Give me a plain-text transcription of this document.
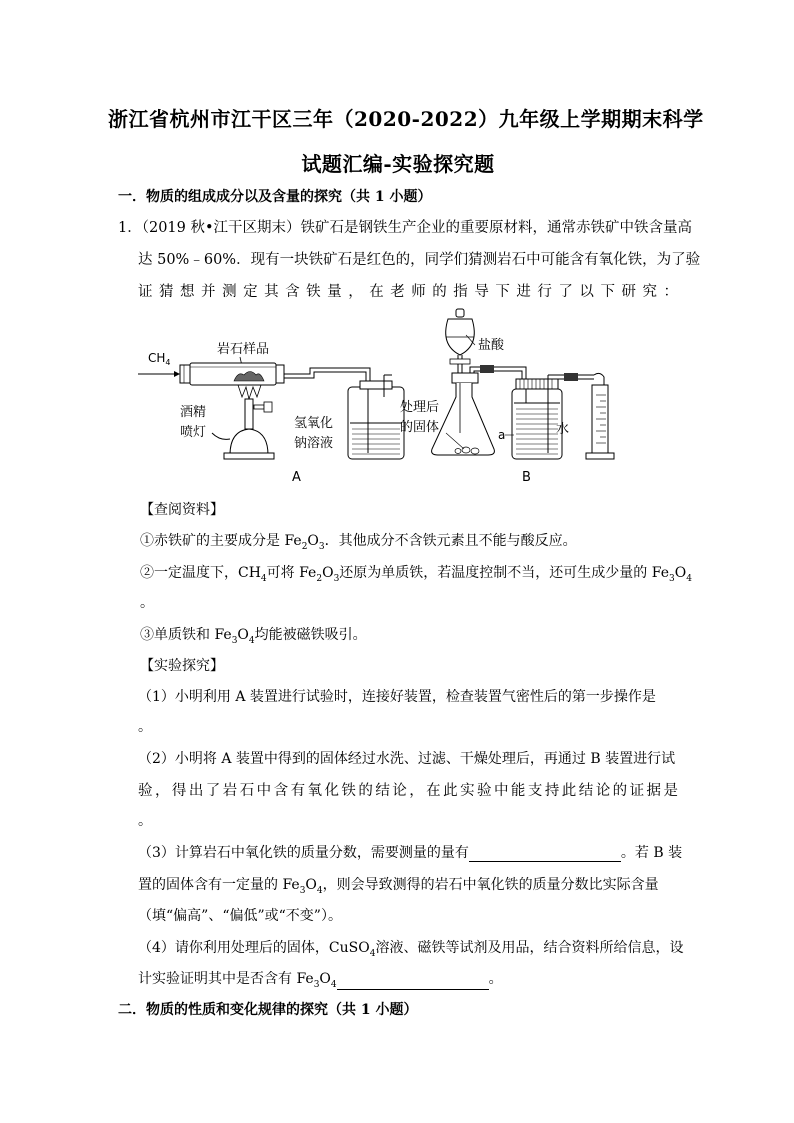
浙江省杭州市江干区三年（2020-2022）九年级上学期期末科学
试题汇编-实验探究题
一．物质的组成成分以及含量的探究（共 1 小题）
1．（2019 秋•江干区期末）铁矿石是钢铁生产企业的重要原材料，通常赤铁矿中铁含量高
达 50%﹣60%．现有一块铁矿石是红色的，同学们猜测岩石中可能含有氧化铁，为了验
证猜想并测定其含铁量，在老师的指导下进行了以下研究：
$CH_4$
岩石样品
酒精
喷灯
氢氧化
钠溶液
A
盐酸
处理后
的固体	a	水
B
【查阅资料】
①赤铁矿的主要成分是 $Fe_2O_3$．其他成分不含铁元素且不能与酸反应。
②一定温度下，$CH_4$可将 $Fe_2O_3$还原为单质铁，若温度控制不当，还可生成少量的 $Fe_3O_4$
。
③单质铁和 $Fe_3O_4$均能被磁铁吸引。
【实验探究】
（1）小明利用 A 装置进行试验时，连接好装置，检查装置气密性后的第一步操作是
。
（2）小明将 A 装置中得到的固体经过水洗、过滤、干燥处理后，再通过 B 装置进行试
验，得出了岩石中含有氧化铁的结论，在此实验中能支持此结论的证据是
。
（3）计算岩石中氧化铁的质量分数，需要测量的量有	。若 B 装
置的固体含有一定量的 $Fe_3O_4$，则会导致测得的岩石中氧化铁的质量分数比实际含量
（填“偏高”、“偏低”或“不变”）。
（4）请你利用处理后的固体，CuSO$_4$溶液、磁铁等试剂及用品，结合资料所给信息，设
计实验证明其中是否含有 $Fe_3O_4$	。
二．物质的性质和变化规律的探究（共 1 小题）
